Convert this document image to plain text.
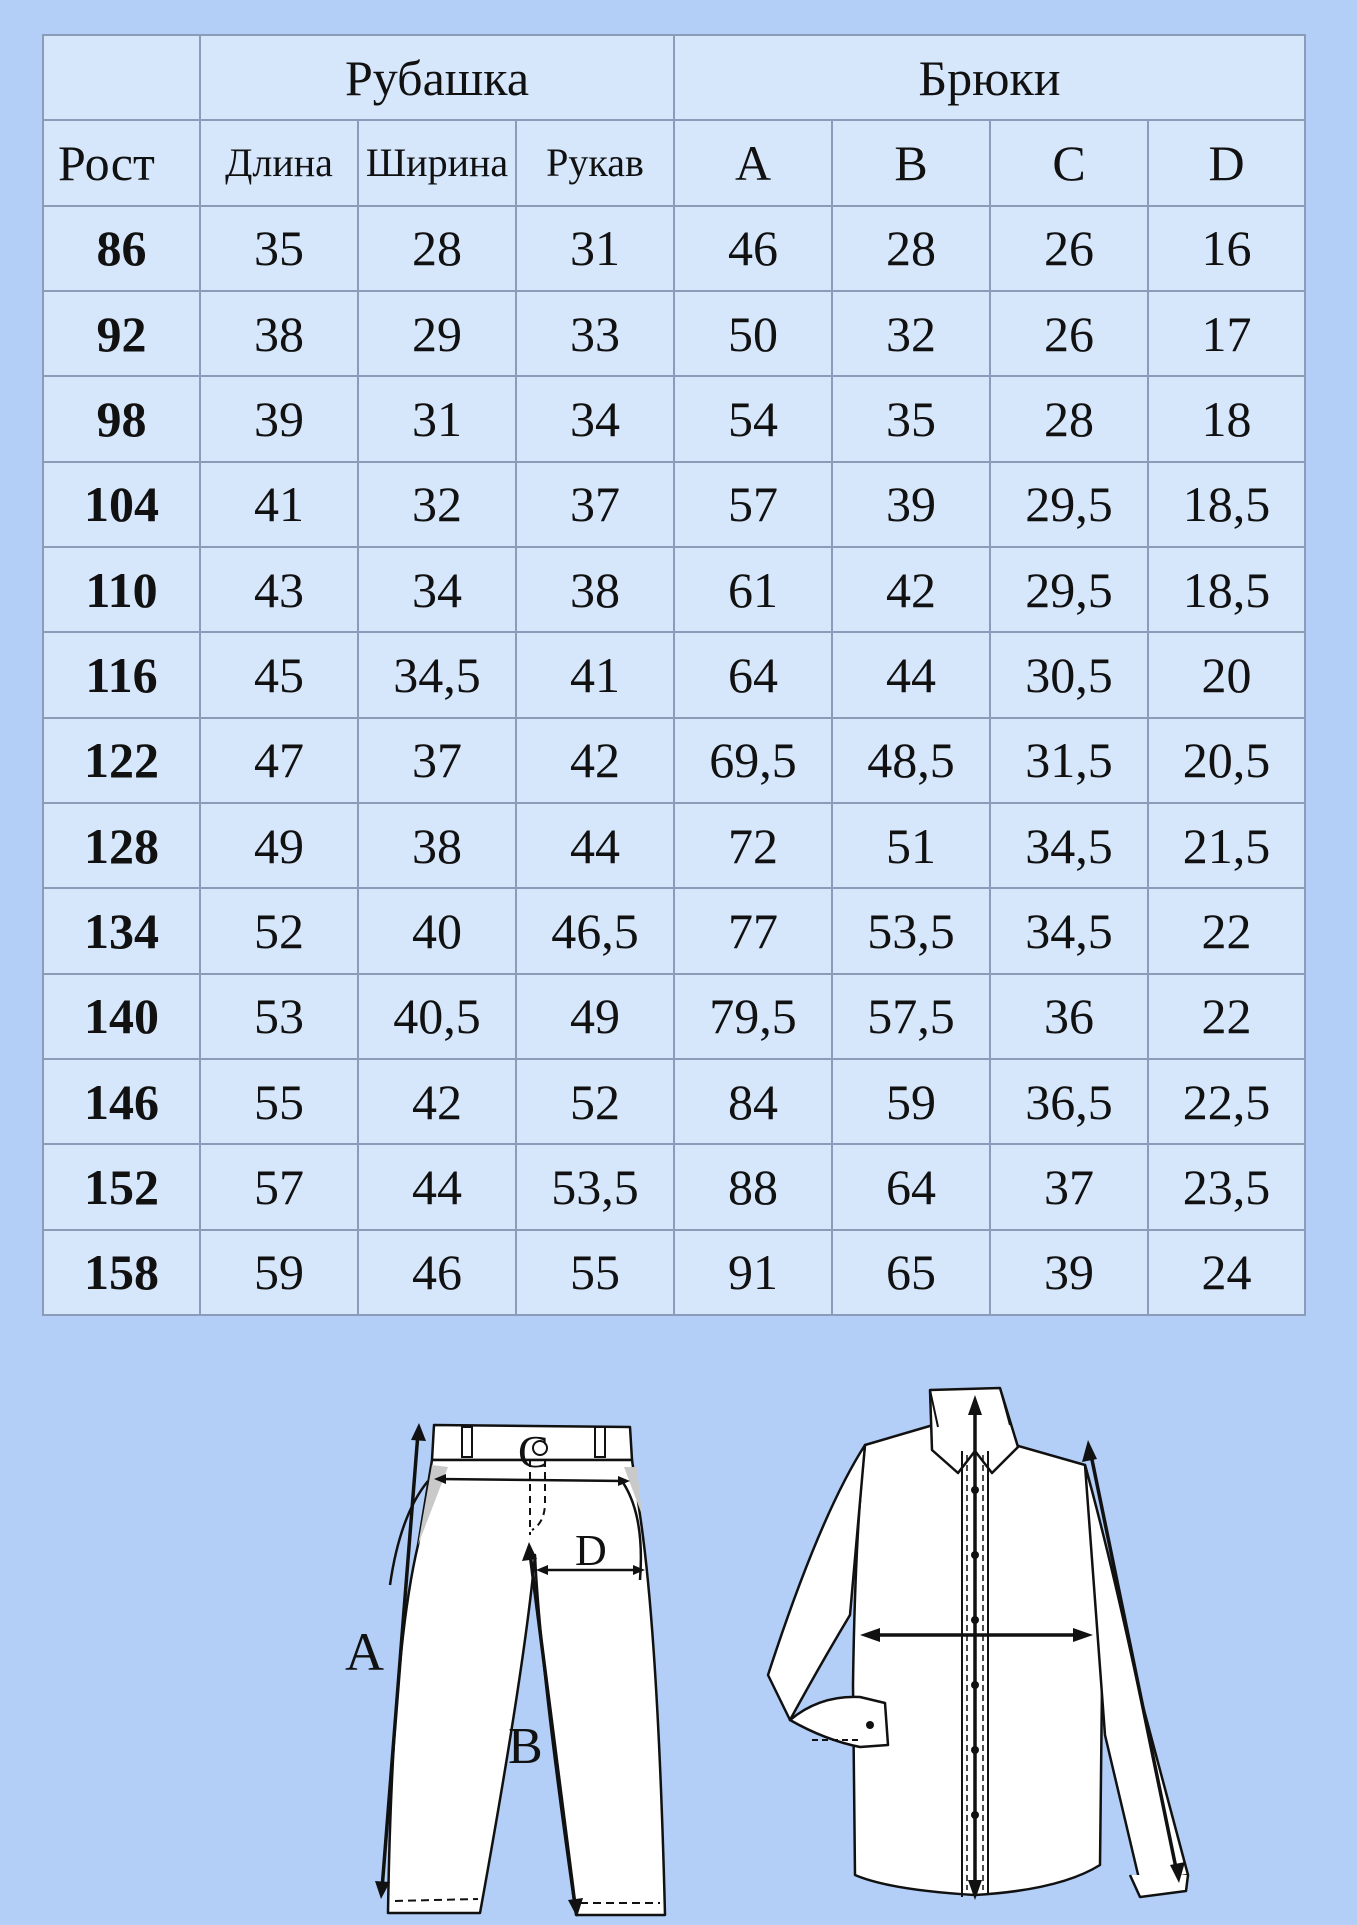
	Рубашка			Брюки			
Рост	Длина	Ширина	Рукав	A	B	C	D
86	35	28	31	46	28	26	16
92	38	29	33	50	32	26	17
98	39	31	34	54	35	28	18
104	41	32	37	57	39	29,5	18,5
110	43	34	38	61	42	29,5	18,5
116	45	34,5	41	64	44	30,5	20
122	47	37	42	69,5	48,5	31,5	20,5
128	49	38	44	72	51	34,5	21,5
134	52	40	46,5	77	53,5	34,5	22
140	53	40,5	49	79,5	57,5	36	22
146	55	42	52	84	59	36,5	22,5
152	57	44	53,5	88	64	37	23,5
158	59	46	55	91	65	39	24
C
D
A
B
